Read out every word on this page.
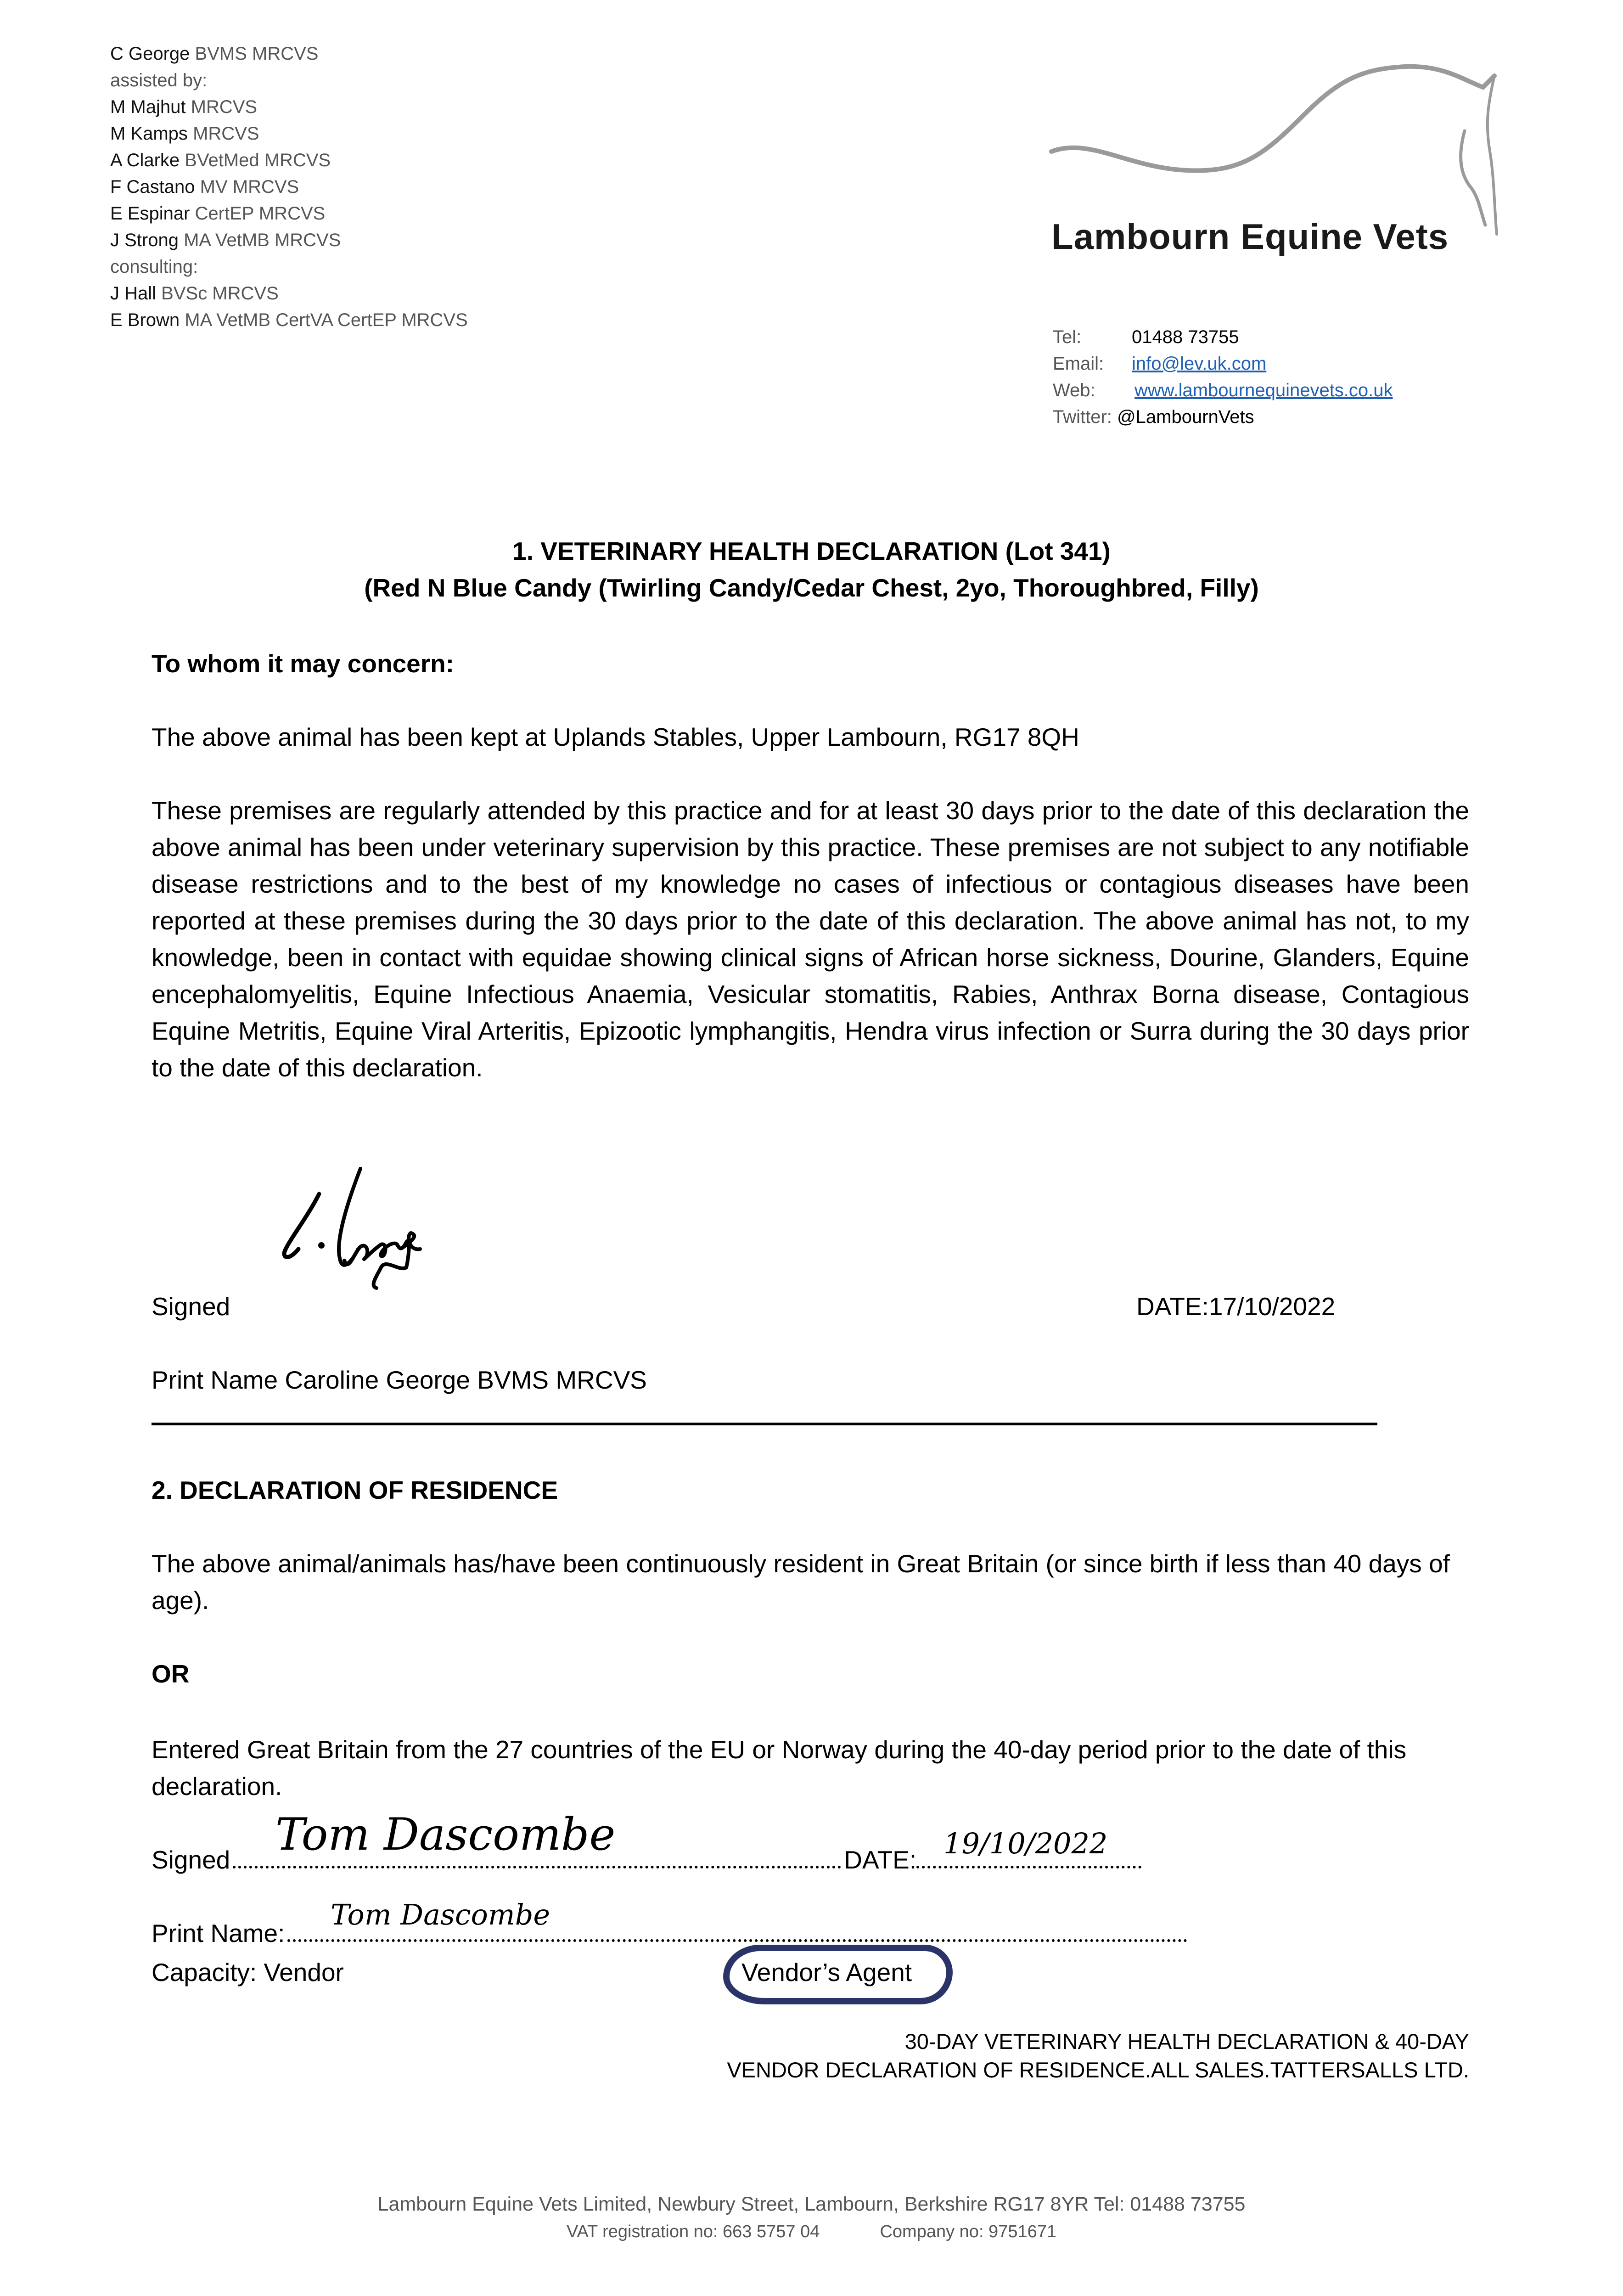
C George BVMS MRCVS
assisted by:
M Majhut MRCVS
M Kamps MRCVS
A Clarke BVetMed MRCVS
F Castano MV MRCVS
E Espinar CertEP MRCVS
J Strong MA VetMB MRCVS
consulting:
J Hall BVSc MRCVS
E Brown MA VetMB CertVA CertEP MRCVS
Lambourn Equine Vets
Tel:	01488 73755
Email: info@lev.uk.com
Web: www.lambournequinevets.co.uk
Twitter: @LambournVets
1. VETERINARY HEALTH DECLARATION (Lot 341)
(Red N Blue Candy (Twirling Candy/Cedar Chest, 2yo, Thoroughbred, Filly)
To whom it may concern:
The above animal has been kept at Uplands Stables, Upper Lambourn, RG17 8QH
These premises are regularly attended by this practice and for at least 30 days prior to the date of this declaration the above animal has been under veterinary supervision by this practice. These premises are not subject to any notifiable disease restrictions and to the best of my knowledge no cases of infectious or contagious diseases have been reported at these premises during the 30 days prior to the date of this declaration. The above animal has not, to my knowledge, been in contact with equidae showing clinical signs of African horse sickness, Dourine, Glanders, Equine encephalomyelitis, Equine Infectious Anaemia, Vesicular stomatitis, Rabies, Anthrax Borna disease, Contagious Equine Metritis, Equine Viral Arteritis, Epizootic lymphangitis, Hendra virus infection or Surra during the 30 days prior to the date of this declaration.
Signed	DATE:17/10/2022
Print Name Caroline George BVMS MRCVS
2. DECLARATION OF RESIDENCE
The above animal/animals has/have been continuously resident in Great Britain (or since birth if less than 40 days of age).
OR
Entered Great Britain from the 27 countries of the EU or Norway during the 40-day period prior to the date of this declaration.
Signed	DATE:
Tom Dascombe	19/10/2022
Print Name:
Tom Dascombe
Capacity: Vendor	Vendor’s Agent
30-DAY VETERINARY HEALTH DECLARATION & 40-DAY
VENDOR DECLARATION OF RESIDENCE.ALL SALES.TATTERSALLS LTD.
Lambourn Equine Vets Limited, Newbury Street, Lambourn, Berkshire RG17 8YR Tel: 01488 73755
VAT registration no: 663 5757 04	Company no: 9751671
